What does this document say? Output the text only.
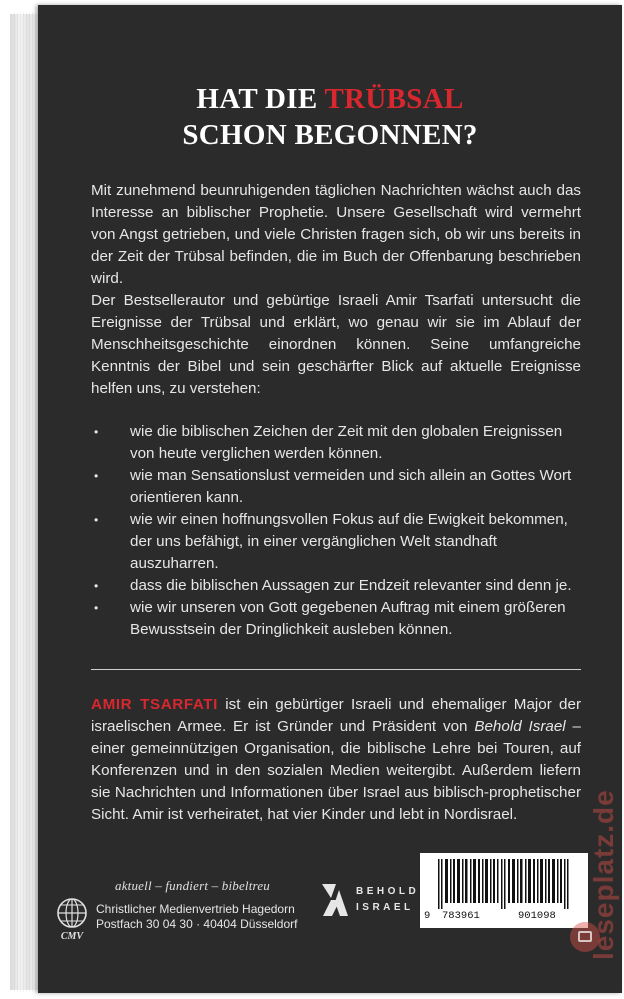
HAT DIE TRÜBSAL
SCHON BEGONNEN?

Mit zunehmend beunruhigenden täglichen Nachrichten wächst auch das Interesse an biblischer Prophetie. Unsere Gesellschaft wird vermehrt von Angst getrieben, und viele Christen fragen sich, ob wir uns bereits in der Zeit der Trübsal befinden, die im Buch der Offenbarung beschrieben wird.

Der Bestsellerautor und gebürtige Israeli Amir Tsarfati untersucht die Ereignisse der Trübsal und erklärt, wo genau wir sie im Ablauf der Menschheitsgeschichte einordnen können. Seine umfangreiche Kenntnis der Bibel und sein geschärfter Blick auf aktuelle Ereignisse helfen uns, zu verstehen:

• wie die biblischen Zeichen der Zeit mit den globalen Ereignissen von heute verglichen werden können.
• wie man Sensationslust vermeiden und sich allein an Gottes Wort orientieren kann.
• wie wir einen hoffnungsvollen Fokus auf die Ewigkeit bekommen, der uns befähigt, in einer vergänglichen Welt standhaft auszuharren.
• dass die biblischen Aussagen zur Endzeit relevanter sind denn je.
• wie wir unseren von Gott gegebenen Auftrag mit einem größeren Bewusstsein der Dringlichkeit ausleben können.

AMIR TSARFATI ist ein gebürtiger Israeli und ehemaliger Major der israelischen Armee. Er ist Gründer und Präsident von Behold Israel – einer gemeinnützigen Organisation, die biblische Lehre bei Touren, auf Konferenzen und in den sozialen Medien weitergibt. Außerdem liefern sie Nachrichten und Informationen über Israel aus biblisch-prophetischer Sicht. Amir ist verheiratet, hat vier Kinder und lebt in Nordisrael.

aktuell – fundiert – bibeltreu
CMV
Christlicher Medienvertrieb Hagedorn
Postfach 30 04 30 · 40404 Düsseldorf
BEHOLD
ISRAEL
9 783961	901098 leseplatz.de
